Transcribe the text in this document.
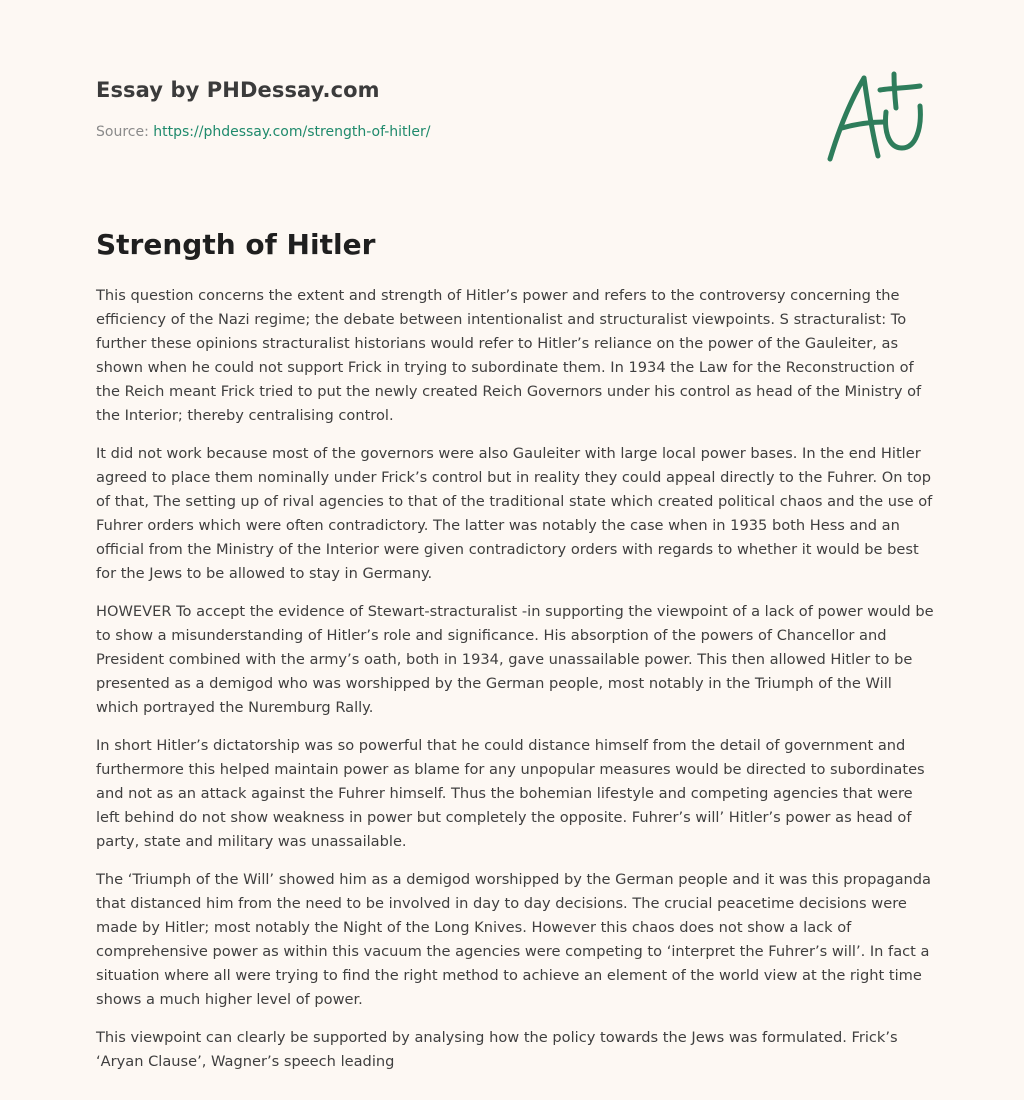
Essay by PHDessay.com
Source: https://phdessay.com/strength-of-hitler/
Strength of Hitler

This question concerns the extent and strength of Hitler’s power and refers to the controversy concerning the efficiency of the Nazi regime; the debate between intentionalist and structuralist viewpoints. S stracturalist: To further these opinions stracturalist historians would refer to Hitler’s reliance on the power of the Gauleiter, as shown when he could not support Frick in trying to subordinate them. In 1934 the Law for the Reconstruction of the Reich meant Frick tried to put the newly created Reich Governors under his control as head of the Ministry of the Interior; thereby centralising control.

It did not work because most of the governors were also Gauleiter with large local power bases. In the end Hitler agreed to place them nominally under Frick’s control but in reality they could appeal directly to the Fuhrer. On top of that, The setting up of rival agencies to that of the traditional state which created political chaos and the use of Fuhrer orders which were often contradictory. The latter was notably the case when in 1935 both Hess and an official from the Ministry of the Interior were given contradictory orders with regards to whether it would be best for the Jews to be allowed to stay in Germany.

HOWEVER To accept the evidence of Stewart-stracturalist -in supporting the viewpoint of a lack of power would be to show a misunderstanding of Hitler’s role and significance. His absorption of the powers of Chancellor and President combined with the army’s oath, both in 1934, gave unassailable power. This then allowed Hitler to be presented as a demigod who was worshipped by the German people, most notably in the Triumph of the Will which portrayed the Nuremburg Rally.

In short Hitler’s dictatorship was so powerful that he could distance himself from the detail of government and furthermore this helped maintain power as blame for any unpopular measures would be directed to subordinates and not as an attack against the Fuhrer himself. Thus the bohemian lifestyle and competing agencies that were left behind do not show weakness in power but completely the opposite. Fuhrer’s will’ Hitler’s power as head of party, state and military was unassailable.

The ‘Triumph of the Will’ showed him as a demigod worshipped by the German people and it was this propaganda that distanced him from the need to be involved in day to day decisions. The crucial peacetime decisions were made by Hitler; most notably the Night of the Long Knives. However this chaos does not show a lack of comprehensive power as within this vacuum the agencies were competing to ‘interpret the Fuhrer’s will’. In fact a situation where all were trying to find the right method to achieve an element of the world view at the right time shows a much higher level of power.

This viewpoint can clearly be supported by analysing how the policy towards the Jews was formulated. Frick’s ‘Aryan Clause’, Wagner’s speech leading
